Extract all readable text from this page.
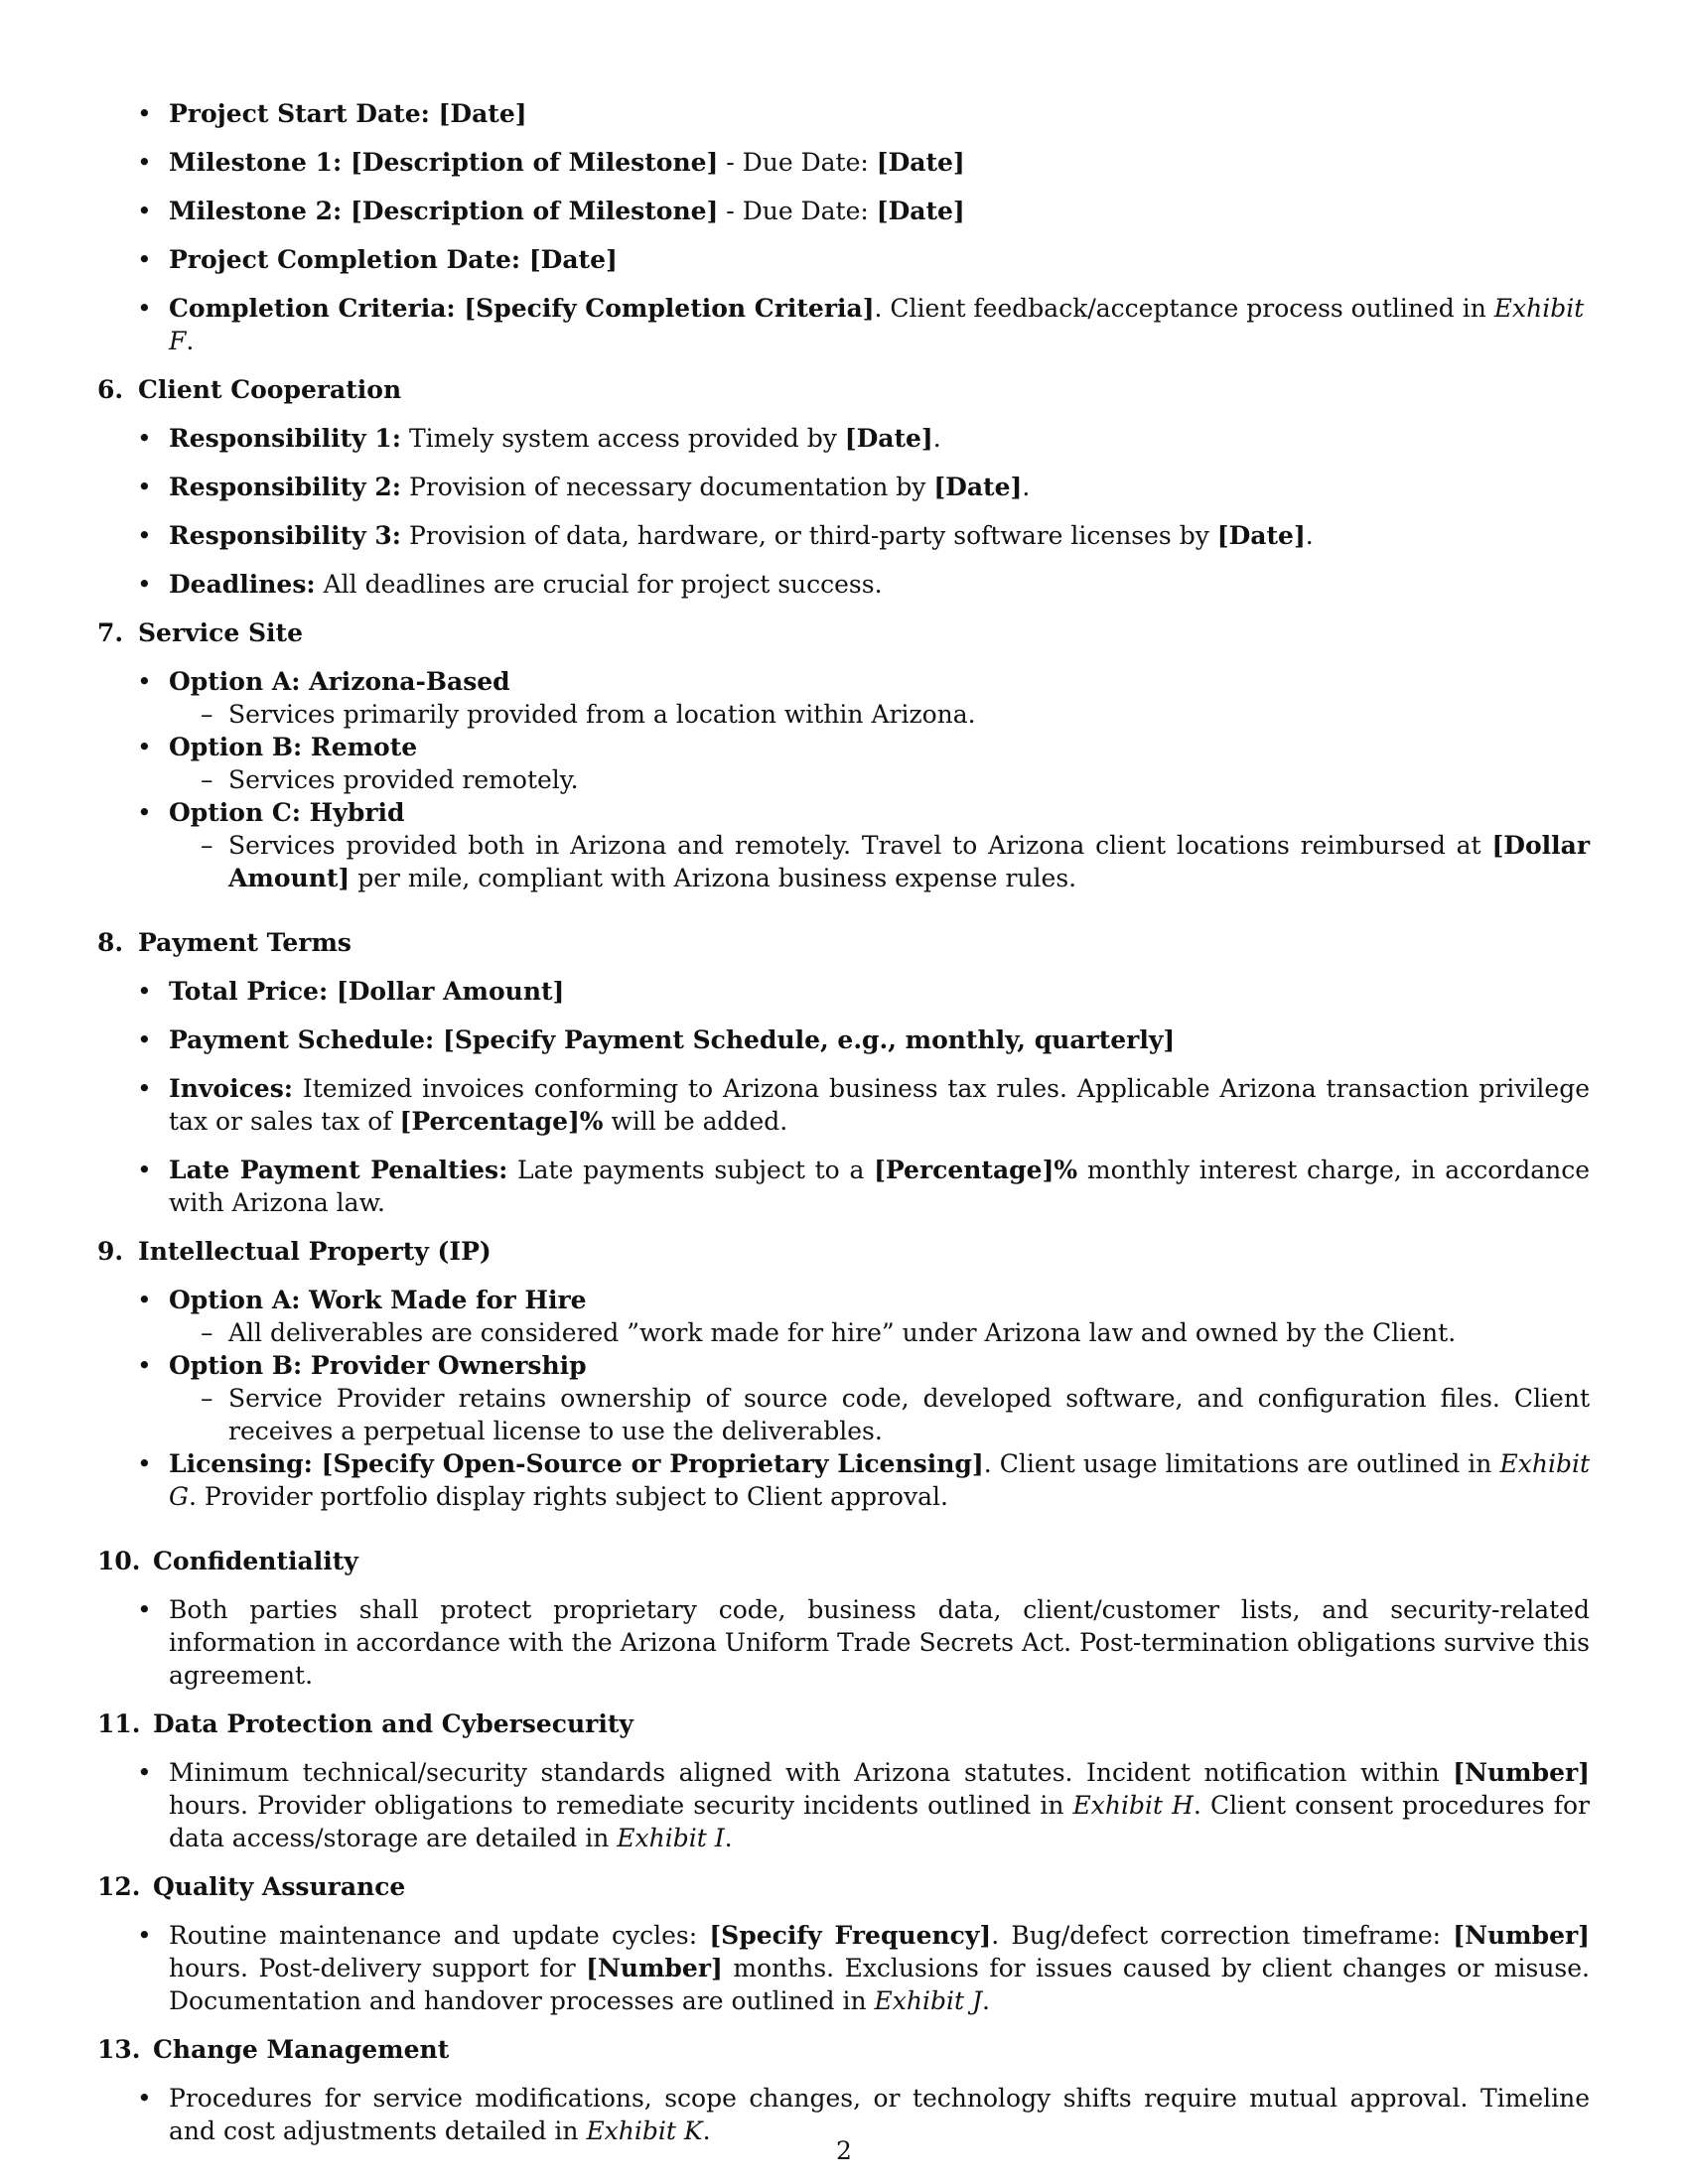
• Project Start Date: [Date]
• Milestone 1: [Description of Milestone] - Due Date: [Date]
• Milestone 2: [Description of Milestone] - Due Date: [Date]
• Project Completion Date: [Date]
• Completion Criteria: [Specify Completion Criteria]. Client feedback/acceptance process outlined in Exhibit F.
6. Client Cooperation
• Responsibility 1: Timely system access provided by [Date].
• Responsibility 2: Provision of necessary documentation by [Date].
• Responsibility 3: Provision of data, hardware, or third-party software licenses by [Date].
• Deadlines: All deadlines are crucial for project success.
7. Service Site
• Option A: Arizona-Based
– Services primarily provided from a location within Arizona.
• Option B: Remote
– Services provided remotely.
• Option C: Hybrid
– Services provided both in Arizona and remotely. Travel to Arizona client locations reimbursed at [Dollar Amount] per mile, compliant with Arizona business expense rules.
8. Payment Terms
• Total Price: [Dollar Amount]
• Payment Schedule: [Specify Payment Schedule, e.g., monthly, quarterly]
• Invoices: Itemized invoices conforming to Arizona business tax rules. Applicable Arizona transaction privilege tax or sales tax of [Percentage]% will be added.
• Late Payment Penalties: Late payments subject to a [Percentage]% monthly interest charge, in accordance with Arizona law.
9. Intellectual Property (IP)
• Option A: Work Made for Hire
– All deliverables are considered ”work made for hire” under Arizona law and owned by the Client.
• Option B: Provider Ownership
– Service Provider retains ownership of source code, developed software, and configuration files. Client receives a perpetual license to use the deliverables.
• Licensing: [Specify Open-Source or Proprietary Licensing]. Client usage limitations are outlined in Exhibit G. Provider portfolio display rights subject to Client approval.
10. Confidentiality
• Both parties shall protect proprietary code, business data, client/customer lists, and security-related information in accordance with the Arizona Uniform Trade Secrets Act. Post-termination obligations survive this agreement.
11. Data Protection and Cybersecurity
• Minimum technical/security standards aligned with Arizona statutes. Incident notification within [Number] hours. Provider obligations to remediate security incidents outlined in Exhibit H. Client consent procedures for data access/storage are detailed in Exhibit I.
12. Quality Assurance
• Routine maintenance and update cycles: [Specify Frequency]. Bug/defect correction timeframe: [Number] hours. Post-delivery support for [Number] months. Exclusions for issues caused by client changes or misuse. Documentation and handover processes are outlined in Exhibit J.
13. Change Management
• Procedures for service modifications, scope changes, or technology shifts require mutual approval. Timeline and cost adjustments detailed in Exhibit K.
2
